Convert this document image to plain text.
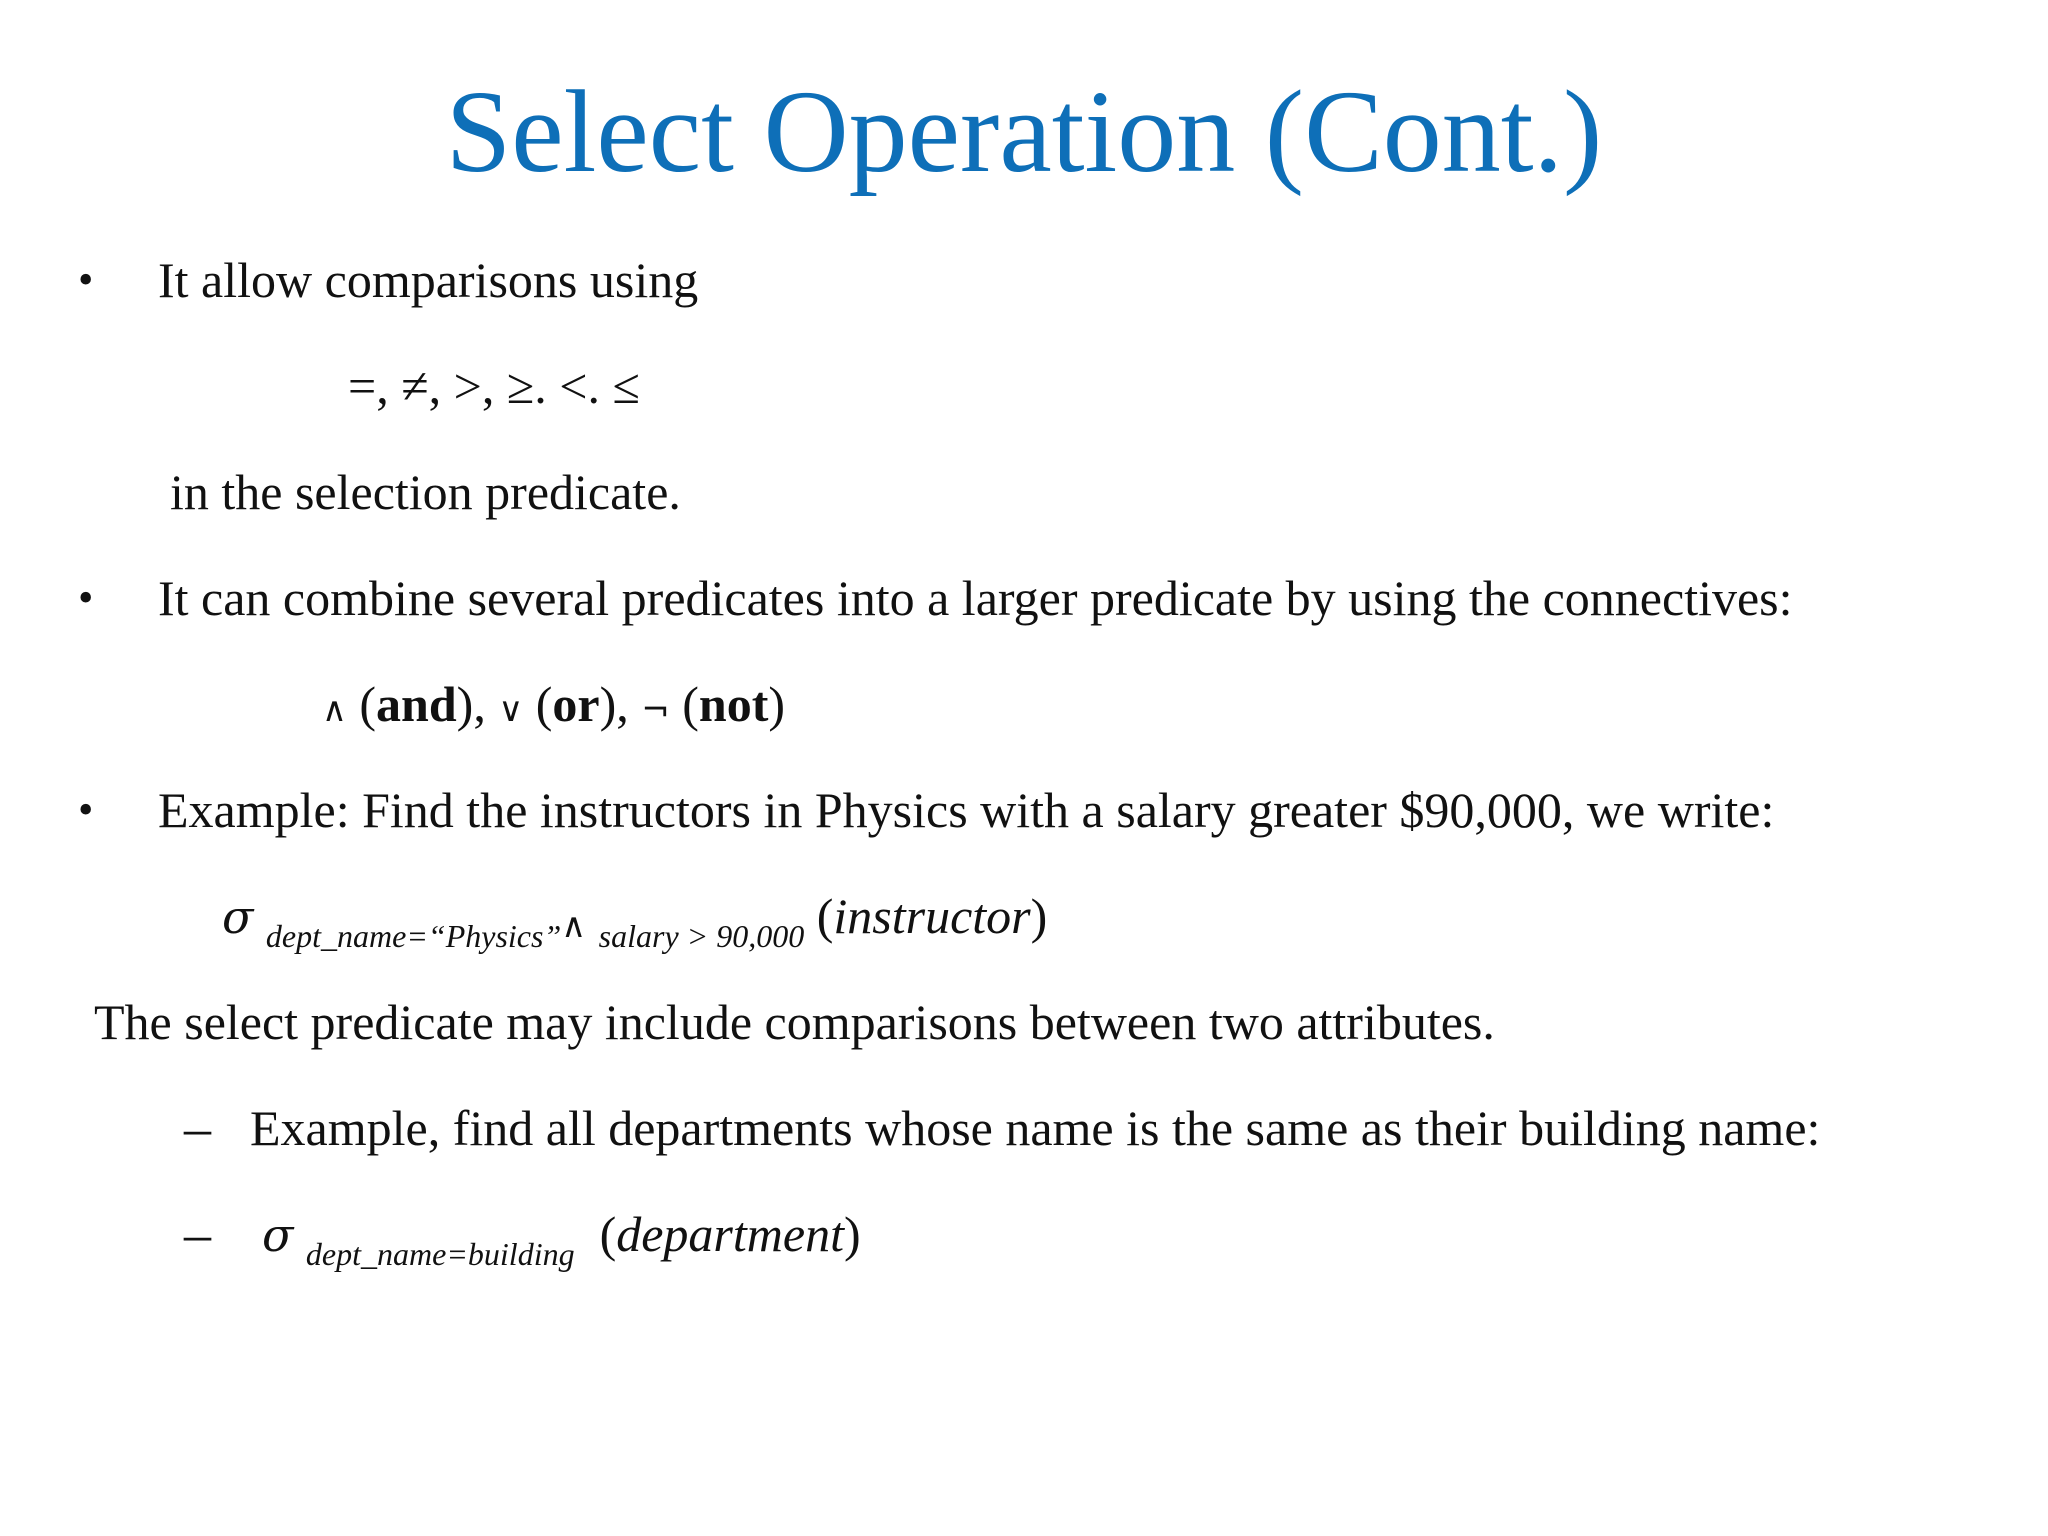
Select Operation (Cont.)
• It allow comparisons using
=, ≠, >, ≥. <. ≤
in the selection predicate.
• It can combine several predicates into a larger predicate by using the connectives:
∧ (and), ∨ (or), ¬ (not)
• Example: Find the instructors in Physics with a salary greater $90,000, we write:
σ $_{dept\_name=“Physics”}$∧ $_{salary > 90,000}$ (instructor)
The select predicate may include comparisons between two attributes.
– Example, find all departments whose name is the same as their building name:
– σ $_{dept\_name=building}$  (department)
